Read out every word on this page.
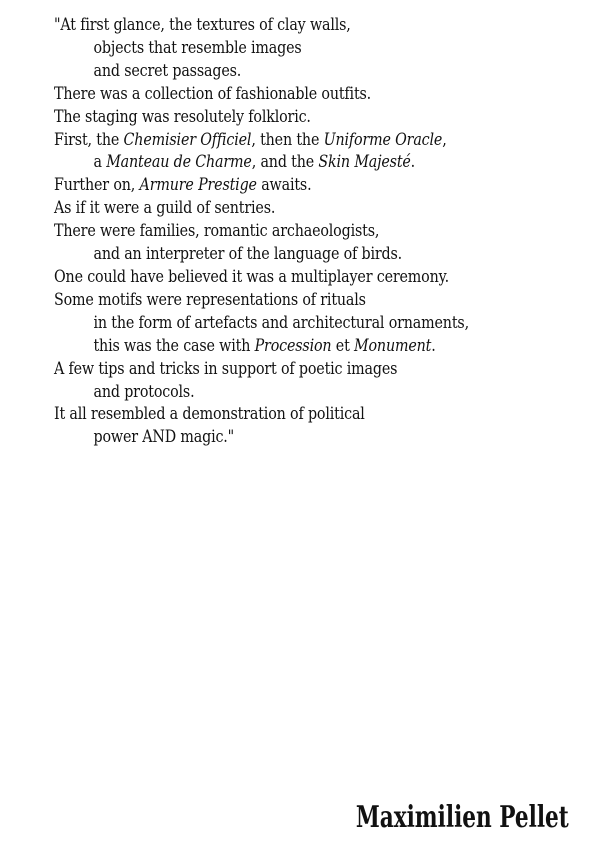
"At first glance, the textures of clay walls,
objects that resemble images
and secret passages.
There was a collection of fashionable outfits.
The staging was resolutely folkloric.
First, the Chemisier Officiel, then the Uniforme Oracle,
a Manteau de Charme, and the Skin Majesté.
Further on, Armure Prestige awaits.
As if it were a guild of sentries.
There were families, romantic archaeologists,
and an interpreter of the language of birds.
One could have believed it was a multiplayer ceremony.
Some motifs were representations of rituals
in the form of artefacts and architectural ornaments,
this was the case with Procession et Monument.
A few tips and tricks in support of poetic images
and protocols.
It all resembled a demonstration of political
power AND magic."
Maximilien Pellet
